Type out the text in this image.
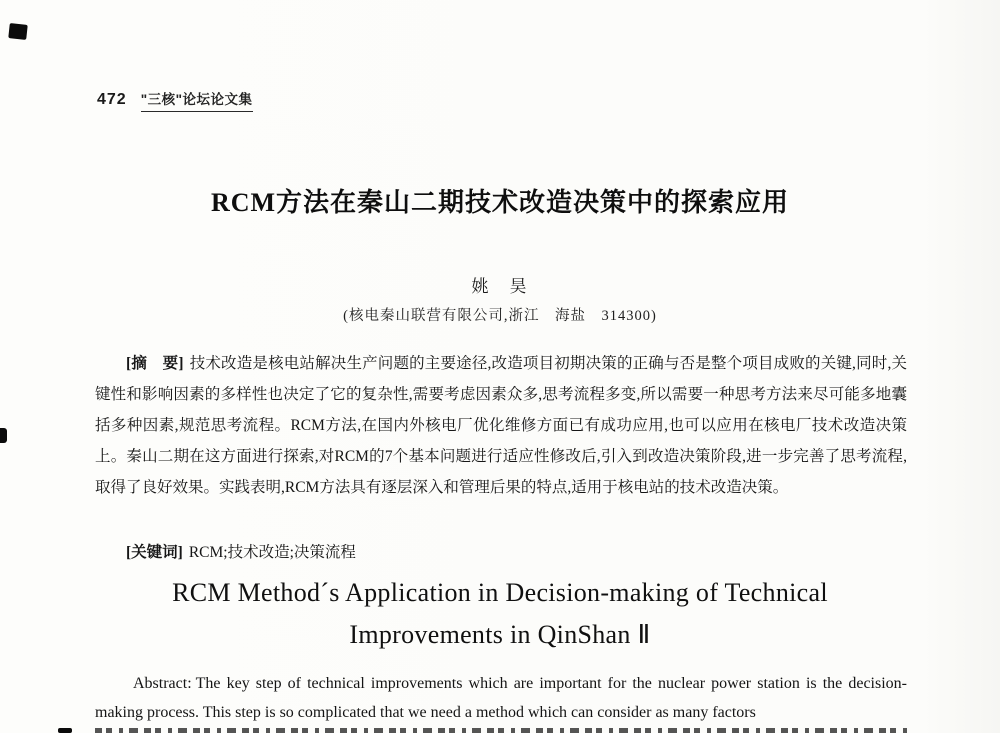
472 "三核"论坛论文集
RCM方法在秦山二期技术改造决策中的探索应用
姚　昊
(核电秦山联营有限公司,浙江　海盐　314300)

[摘　要] 技术改造是核电站解决生产问题的主要途径,改造项目初期决策的正确与否是整个项目成败的关键,同时,关键性和影响因素的多样性也决定了它的复杂性,需要考虑因素众多,思考流程多变,所以需要一种思考方法来尽可能多地囊括多种因素,规范思考流程。RCM方法,在国内外核电厂优化维修方面已有成功应用,也可以应用在核电厂技术改造决策上。秦山二期在这方面进行探索,对RCM的7个基本问题进行适应性修改后,引入到改造决策阶段,进一步完善了思考流程,取得了良好效果。实践表明,RCM方法具有逐层深入和管理后果的特点,适用于核电站的技术改造决策。

[关键词] RCM;技术改造;决策流程

RCM Method´s Application in Decision-making of Technical
Improvements in QinShan Ⅱ

Abstract: The key step of technical improvements which are important for the nuclear power station is the decision-making process. This step is so complicated that we need a method which can consider as many factors
